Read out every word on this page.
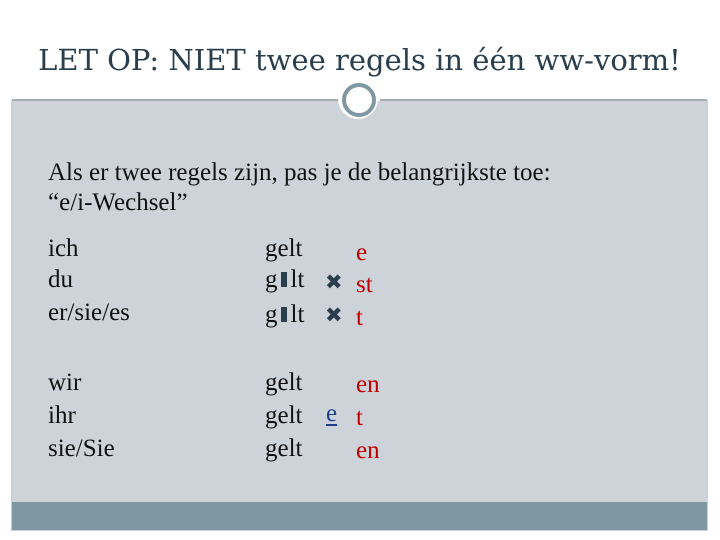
LET OP: NIET twee regels in één ww-vorm!
Als er twee regels zijn, pas je de belangrijkste toe:
“e/i-Wechsel”
ich
du
er/sie/es
gelt e
g lt ✖ st
g lt ✖ t
wir
ihr
sie/Sie
gelt
gelt
gelt
e
en
t
en
